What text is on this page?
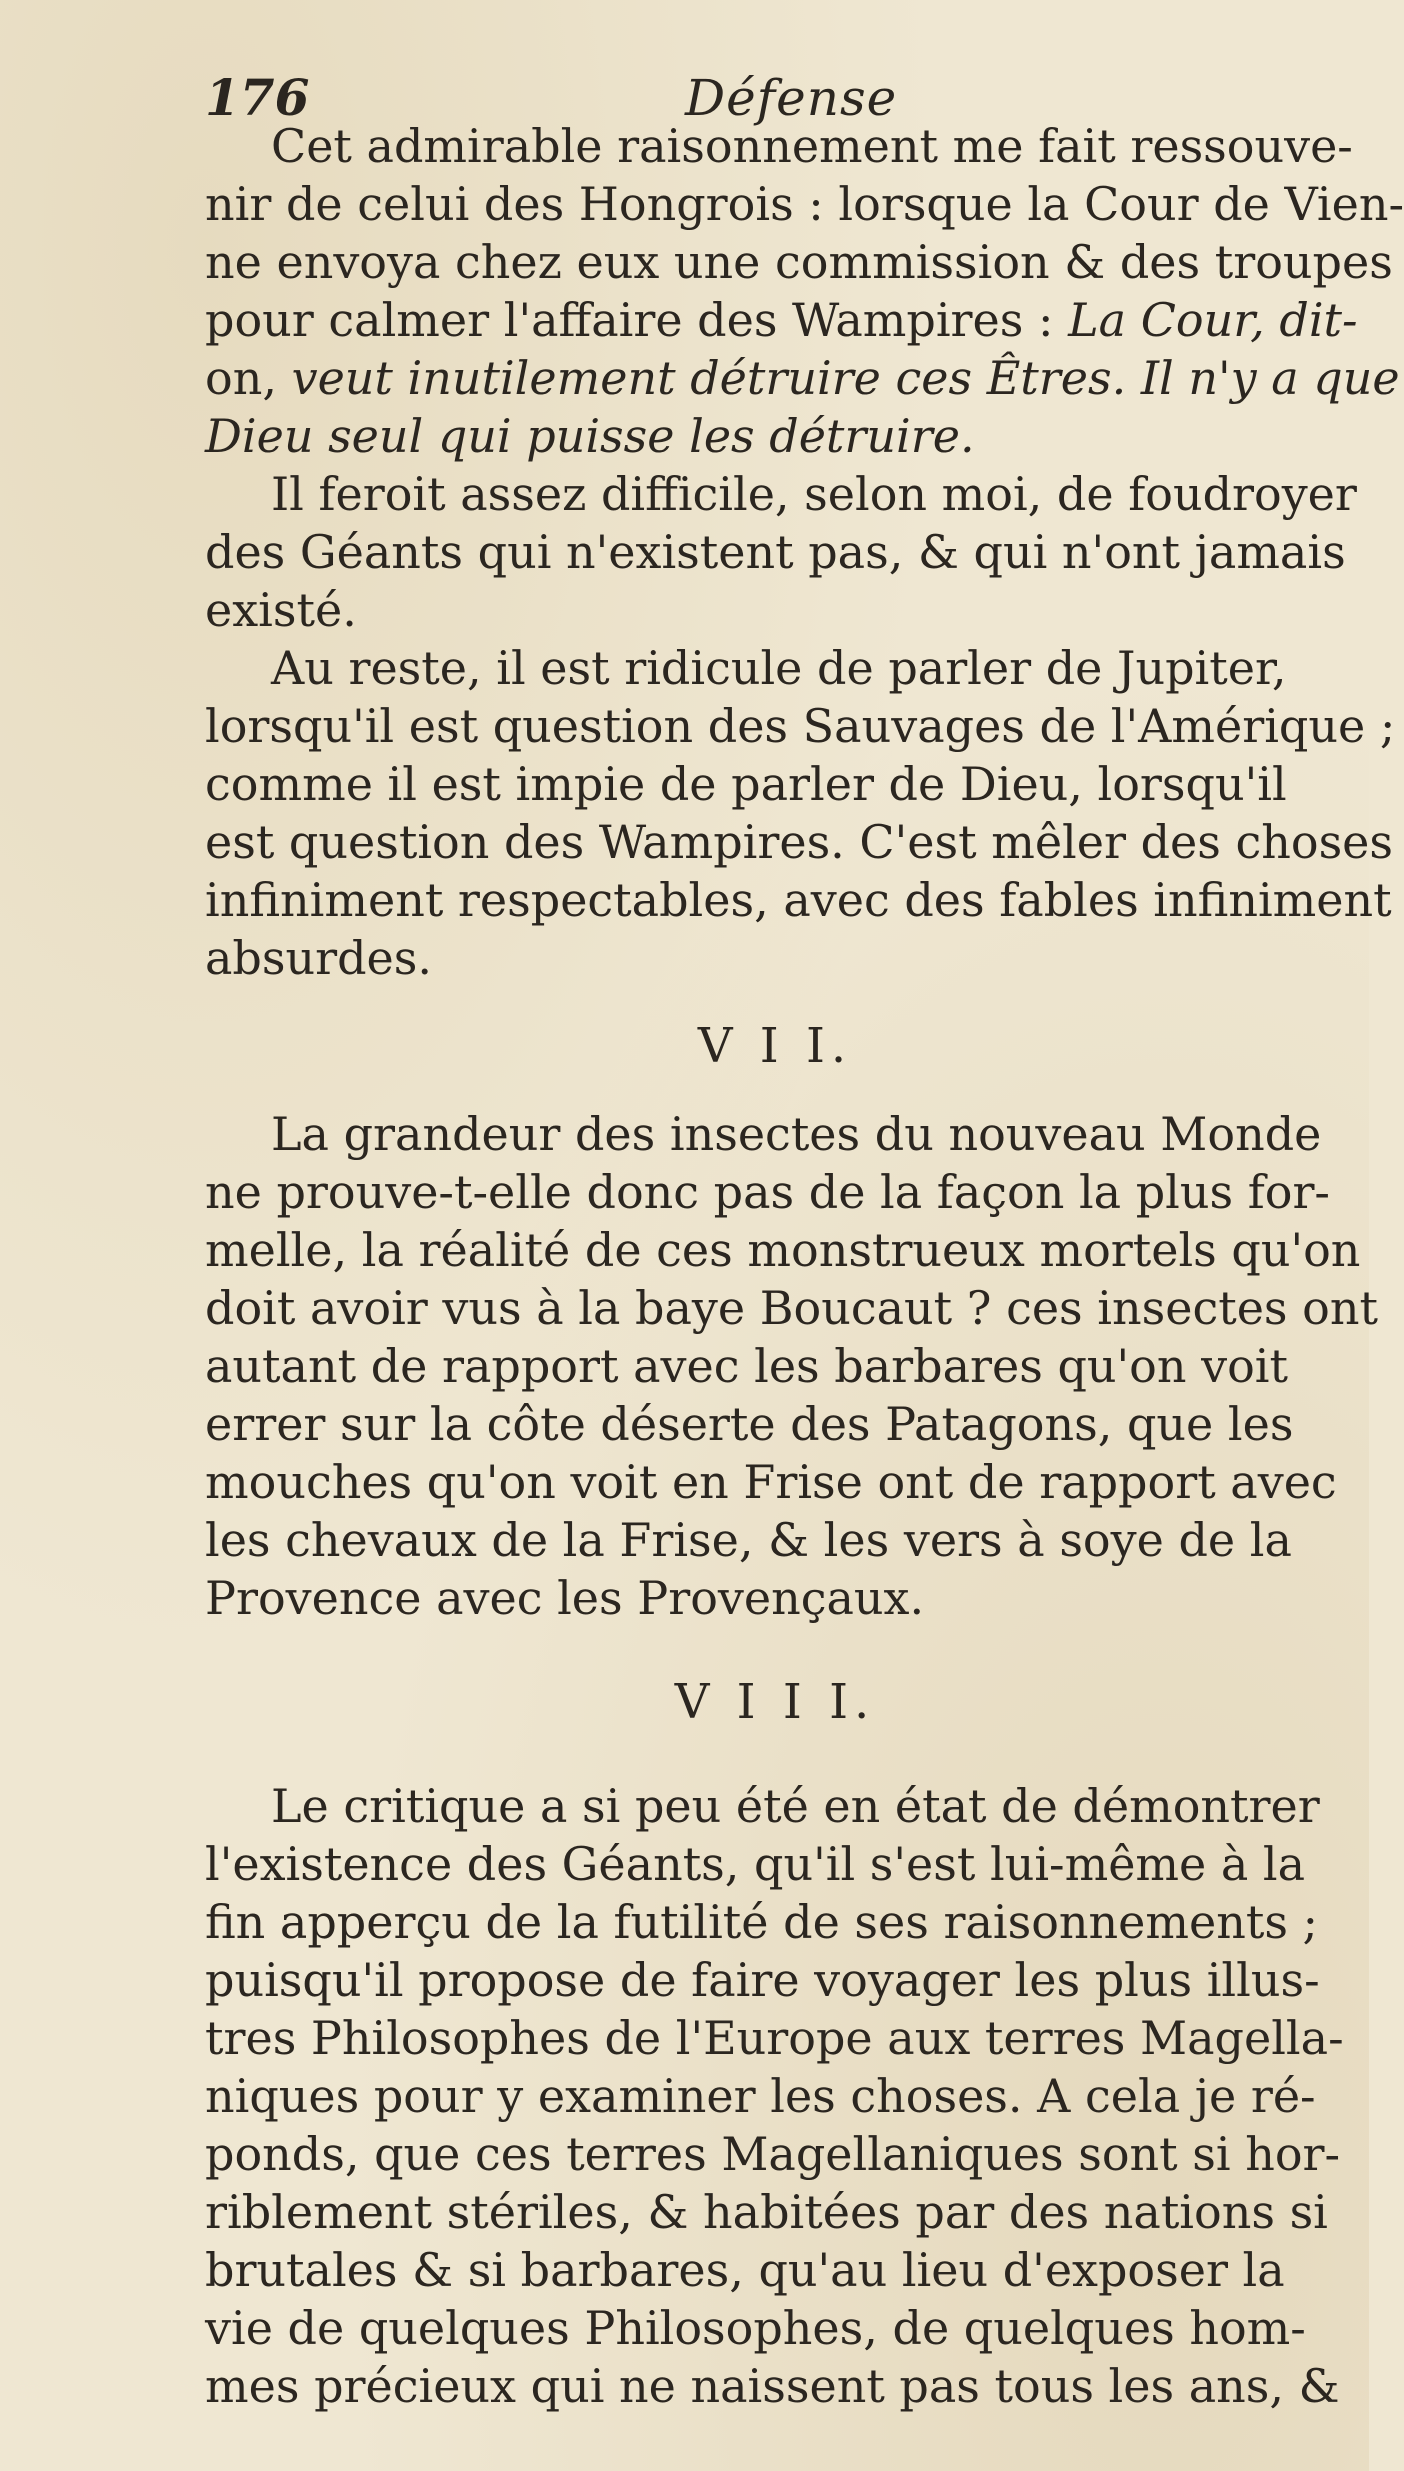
176	Défense
Cet admirable raisonnement me fait ressouve-
nir de celui des Hongrois : lorsque la Cour de Vien-
ne envoya chez eux une commission & des troupes
pour calmer l'affaire des Wampires : La Cour, dit-
on, veut inutilement détruire ces Êtres. Il n'y a que
Dieu seul qui puisse les détruire.
Il feroit assez difficile, selon moi, de foudroyer
des Géants qui n'existent pas, & qui n'ont jamais
existé.
Au reste, il est ridicule de parler de Jupiter,
lorsqu'il est question des Sauvages de l'Amérique ;
comme il est impie de parler de Dieu, lorsqu'il
est question des Wampires. C'est mêler des choses
infiniment respectables, avec des fables infiniment
absurdes.
V I I.
La grandeur des insectes du nouveau Monde
ne prouve-t-elle donc pas de la façon la plus for-
melle, la réalité de ces monstrueux mortels qu'on
doit avoir vus à la baye Boucaut ? ces insectes ont
autant de rapport avec les barbares qu'on voit
errer sur la côte déserte des Patagons, que les
mouches qu'on voit en Frise ont de rapport avec
les chevaux de la Frise, & les vers à soye de la
Provence avec les Provençaux.
V I I I.
Le critique a si peu été en état de démontrer
l'existence des Géants, qu'il s'est lui-même à la
fin apperçu de la futilité de ses raisonnements ;
puisqu'il propose de faire voyager les plus illus-
tres Philosophes de l'Europe aux terres Magella-
niques pour y examiner les choses. A cela je ré-
ponds, que ces terres Magellaniques sont si hor-
riblement stériles, & habitées par des nations si
brutales & si barbares, qu'au lieu d'exposer la
vie de quelques Philosophes, de quelques hom-
mes précieux qui ne naissent pas tous les ans, &
